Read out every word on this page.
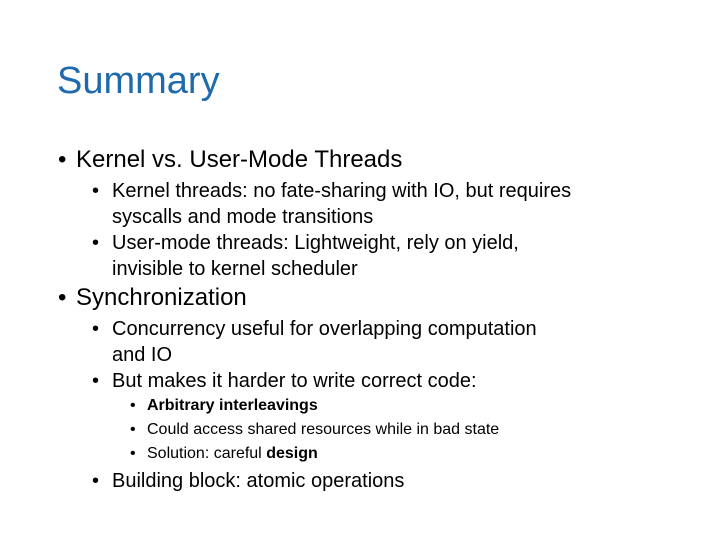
Summary
• Kernel vs. User-Mode Threads
• Kernel threads: no fate-sharing with IO, but requires
syscalls and mode transitions
• User-mode threads: Lightweight, rely on yield,
invisible to kernel scheduler
• Synchronization
• Concurrency useful for overlapping computation
and IO
• But makes it harder to write correct code:
• Arbitrary interleavings
• Could access shared resources while in bad state
• Solution: careful design
• Building block: atomic operations
